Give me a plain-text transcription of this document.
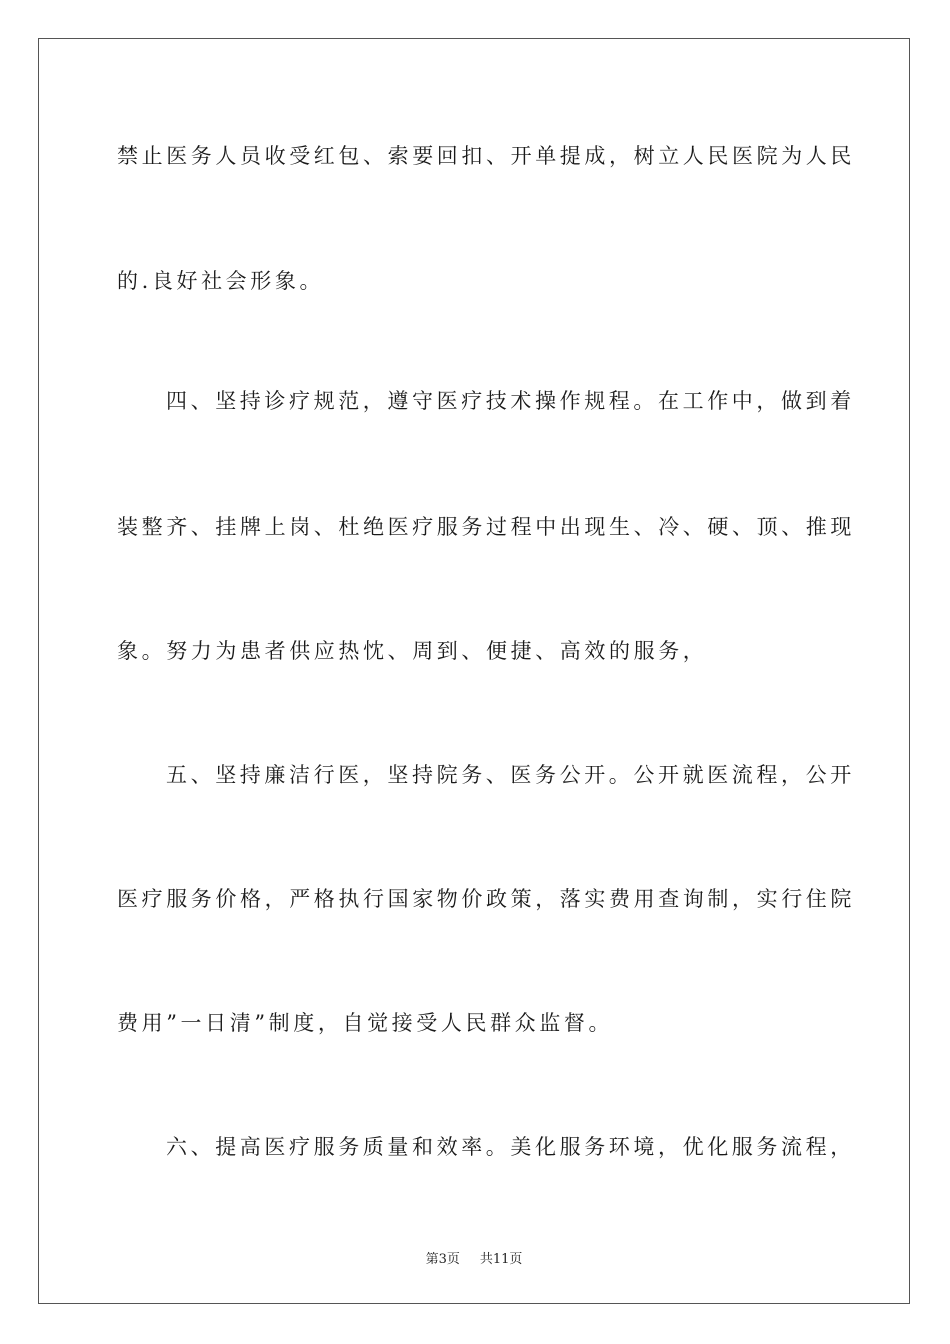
禁止医务人员收受红包、索要回扣、开单提成，树立人民医院为人民
的.良好社会形象。
四、坚持诊疗规范，遵守医疗技术操作规程。在工作中，做到着
装整齐、挂牌上岗、杜绝医疗服务过程中出现生、冷、硬、顶、推现
象。努力为患者供应热忱、周到、便捷、高效的服务，
五、坚持廉洁行医，坚持院务、医务公开。公开就医流程，公开
医疗服务价格，严格执行国家物价政策，落实费用查询制，实行住院
费用”一日清”制度，自觉接受人民群众监督。
六、提高医疗服务质量和效率。美化服务环境，优化服务流程，
第3页 共11页
